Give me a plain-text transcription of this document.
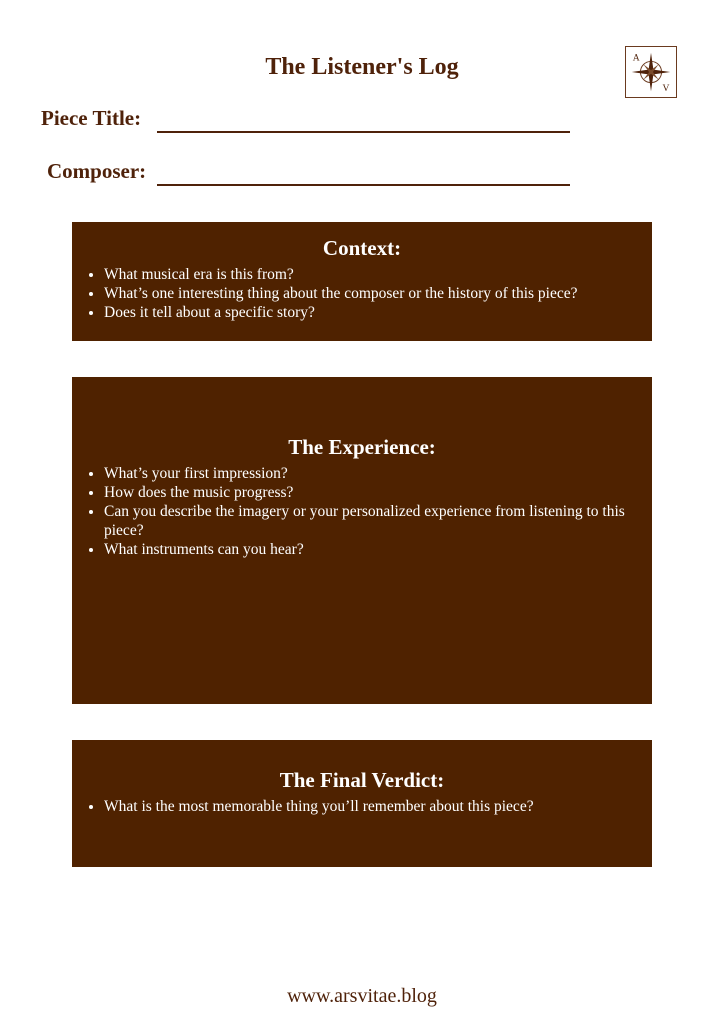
The Listener's Log	A
V
Piece Title:
Composer:
Context:
• What musical era is this from?
• What’s one interesting thing about the composer or the history of this piece?
• Does it tell about a specific story?
The Experience:
• What’s your first impression?
• How does the music progress?
• Can you describe the imagery or your personalized experience from listening to this piece?
• What instruments can you hear?
The Final Verdict:
• What is the most memorable thing you’ll remember about this piece?
www.arsvitae.blog
